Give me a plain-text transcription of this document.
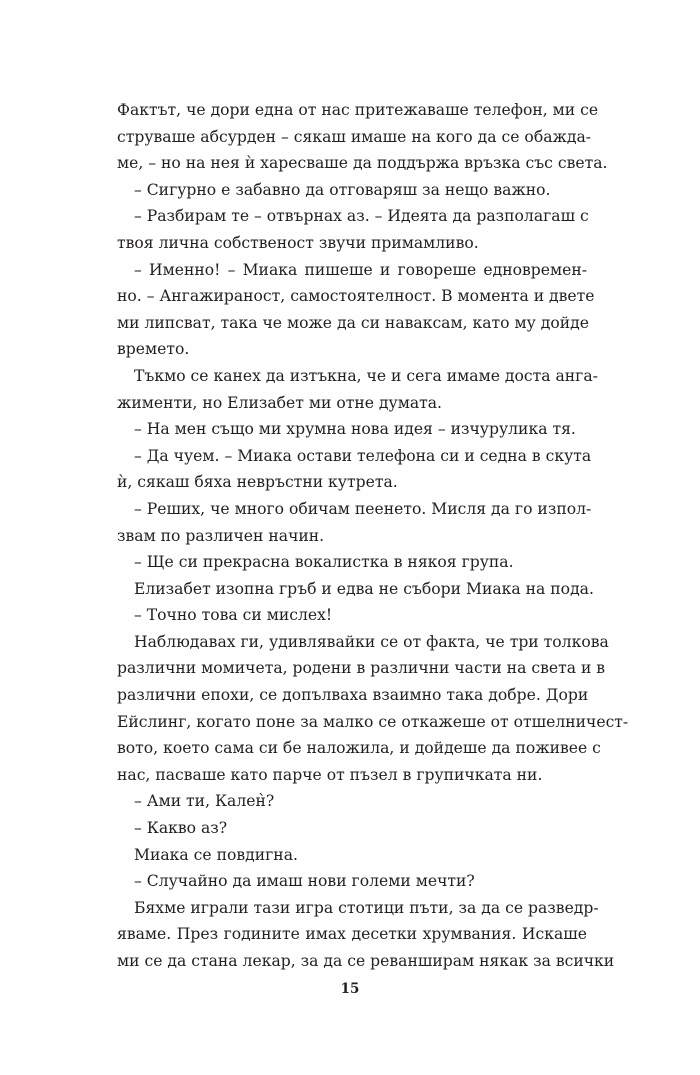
Фактът, че дори една от нас притежаваше телефон, ми се
струваше абсурден – сякаш имаше на кого да се обажда-
ме, – но на нея ѝ харесваше да поддържа връзка със света.
– Сигурно е забавно да отговаряш за нещо важно.
– Разбирам те – отвърнах аз. – Идеята да разполагаш с
твоя лична собственост звучи примамливо.
– Именно! – Миака пишеше и говореше едновремен-
но. – Ангажираност, самостоятелност. В момента и двете
ми липсват, така че може да си наваксам, като му дойде
времето.
Тъкмо се канех да изтъкна, че и сега имаме доста анга-
жименти, но Елизабет ми отне думата.
– На мен също ми хрумна нова идея – изчуруликa тя.
– Да чуем. – Миака остави телефона си и седна в скута
ѝ, сякаш бяха невръстни кутрета.
– Реших, че много обичам пеенето. Мисля да го изпол-
звам по различен начин.
– Ще си прекрасна вокалистка в някоя група.
Елизабет изопна гръб и едва не събори Миака на пода.
– Точно това си мислех!
Наблюдавах ги, удивлявайки се от факта, че три толкова
различни момичета, родени в различни части на света и в
различни епохи, се допълваха взаимно така добре. Дори
Ейслинг, когато поне за малко се откажеше от отшелничест-
вото, което сама си бе наложила, и дойдеше да поживее с
нас, пасваше като парче от пъзел в групичката ни.
– Ами ти, Кален̀?
– Какво аз?
Миака се повдигна.
– Случайно да имаш нови големи мечти?
Бяхме играли тази игра стотици пъти, за да се разведр-
яваме. През годините имах десетки хрумвания. Искаше
ми се да стана лекар, за да се реванширам някак за всички
15
